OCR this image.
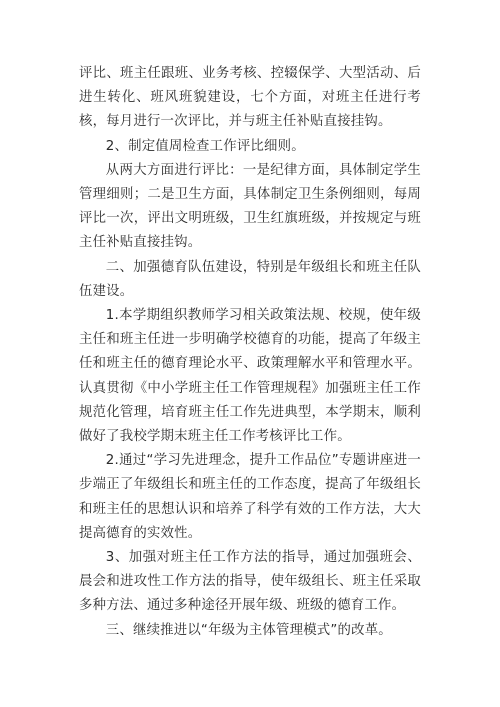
评比、班主任跟班、业务考核、控辍保学、大型活动、后进生转化、班风班貌建设，七个方面，对班主任进行考核，每月进行一次评比，并与班主任补贴直接挂钩。

2、制定值周检查工作评比细则。

从两大方面进行评比：一是纪律方面，具体制定学生管理细则；二是卫生方面，具体制定卫生条例细则，每周评比一次，评出文明班级，卫生红旗班级，并按规定与班主任补贴直接挂钩。

二、加强德育队伍建设，特别是年级组长和班主任队伍建设。

1.本学期组织教师学习相关政策法规、校规，使年级主任和班主任进一步明确学校德育的功能，提高了年级主任和班主任的德育理论水平、政策理解水平和管理水平。认真贯彻《中小学班主任工作管理规程》加强班主任工作规范化管理，培育班主任工作先进典型，本学期末，顺利做好了我校学期末班主任工作考核评比工作。

2.通过“学习先进理念，提升工作品位”专题讲座进一步端正了年级组长和班主任的工作态度，提高了年级组长和班主任的思想认识和培养了科学有效的工作方法，大大提高德育的实效性。

3、加强对班主任工作方法的指导，通过加强班会、晨会和进攻性工作方法的指导，使年级组长、班主任采取多种方法、通过多种途径开展年级、班级的德育工作。

三、继续推进以“年级为主体管理模式”的改革。
